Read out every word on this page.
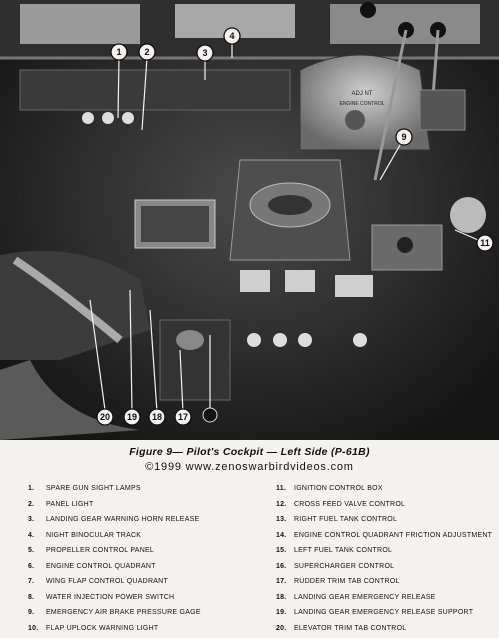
ADJ NT
ENGINE CONTROL
1	2	3
4
9
11
20 19 18 17
Figure 9— Pilot's Cockpit — Left Side (P-61B)
©1999 www.zenoswarbirdvideos.com
1. SPARE GUN SIGHT LAMPS
2. PANEL LIGHT
3. LANDING GEAR WARNING HORN RELEASE
4. NIGHT BINOCULAR TRACK
5. PROPELLER CONTROL PANEL
6. ENGINE CONTROL QUADRANT
7. WING FLAP CONTROL QUADRANT
8. WATER INJECTION POWER SWITCH
9. EMERGENCY AIR BRAKE PRESSURE GAGE
10. FLAP UPLOCK WARNING LIGHT
11. IGNITION CONTROL BOX
12. CROSS FEED VALVE CONTROL
13. RIGHT FUEL TANK CONTROL
14. ENGINE CONTROL QUADRANT FRICTION ADJUSTMENT
15. LEFT FUEL TANK CONTROL
16. SUPERCHARGER CONTROL
17. RUDDER TRIM TAB CONTROL
18. LANDING GEAR EMERGENCY RELEASE
19. LANDING GEAR EMERGENCY RELEASE SUPPORT
20. ELEVATOR TRIM TAB CONTROL
